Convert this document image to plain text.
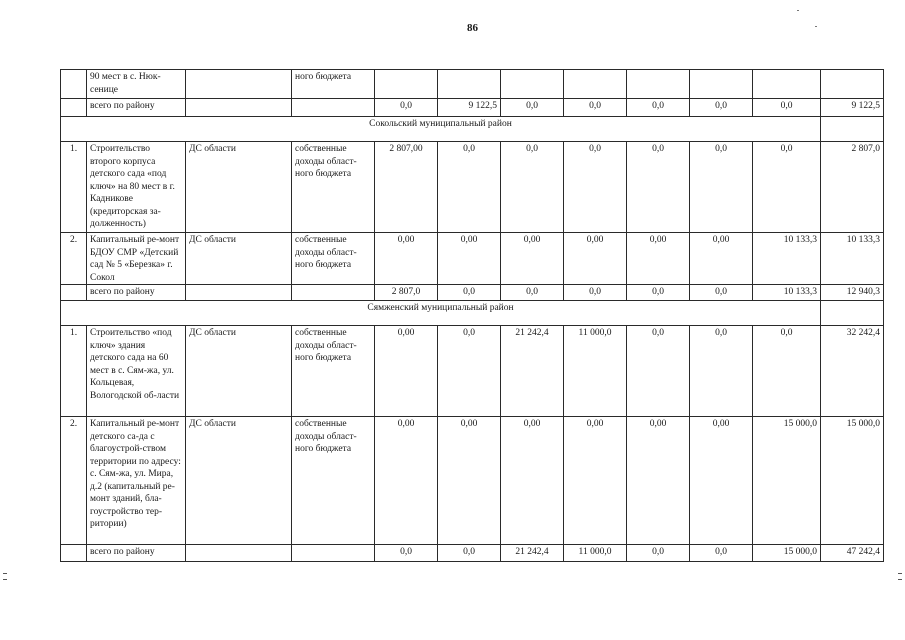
86
	90 мест в с. Нюк-сенице		ного бюджета								
	всего по району			0,0	9 122,5	0,0	0,0	0,0	0,0	0,0	9 122,5
Сокольский муниципальный район											
1.	Строительство второго корпуса детского сада «под ключ» на 80 мест в г. Кадникове (кредиторская за-долженность)	ДС области	собственные доходы област-ного бюджета	2 807,00	0,0	0,0	0,0	0,0	0,0	0,0	2 807,0
2.	Капитальный ре-монт БДОУ СМР «Детский сад № 5 «Березка» г. Сокол	ДС области	собственные доходы област-ного бюджета	0,00	0,00	0,00	0,00	0,00	0,00	10 133,3	10 133,3
	всего по району			2 807,0	0,0	0,0	0,0	0,0	0,0	10 133,3	12 940,3
Сямженский муниципальный район											
1.	Строительство «под ключ» здания детского сада на 60 мест в с. Сям-жа, ул. Кольцевая, Вологодской об-ласти	ДС области	собственные доходы област-ного бюджета	0,00	0,0	21 242,4	11 000,0	0,0	0,0	0,0	32 242,4
2.	Капитальный ре-монт детского са-да с благоустрой-ством территории по адресу: с. Сям-жа, ул. Мира, д.2 (капитальный ре-монт зданий, бла-гоустройство тер-ритории)	ДС области	собственные доходы област-ного бюджета	0,00	0,00	0,00	0,00	0,00	0,00	15 000,0	15 000,0
	всего по району			0,0	0,0	21 242,4	11 000,0	0,0	0,0	15 000,0	47 242,4
